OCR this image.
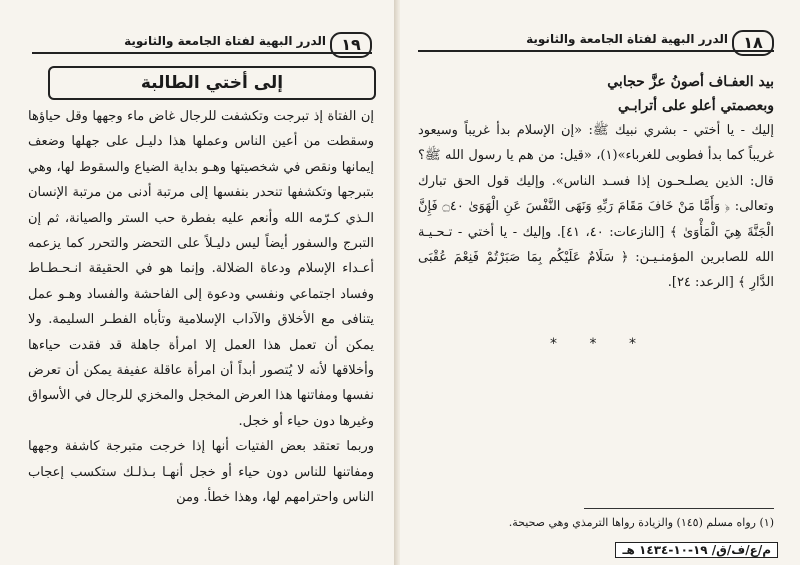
الدرر البهية لفتاة الجامعة والثانوية ١٩
إلى أختي الطالبة

إن الفتاة إذ تبرجت وتكشفت للرجال غاض ماء وجهها وقل حياؤها وسقطت من أعين الناس وعملها هذا دليـل على جهلها وضعف إيمانها ونقص في شخصيتها وهـو بداية الضياع والسقوط لها، وهي بتبرجها وتكشفها تنحدر بنفسها إلى مرتبة أدنى من مرتبة الإنسان الـذي كـرّمه الله وأنعم عليه بفطرة حب الستر والصيانة، ثم إن التبرج والسفور أيضاً ليس دليـلاً على التحضر والتحرر كما يزعمه أعـداء الإسلام ودعاة الضلالة. وإنما هو في الحقيقة انـحـطـاط وفساد اجتماعي ونفسي ودعوة إلى الفاحشة والفساد وهـو عمل يتنافى مع الأخلاق والآداب الإسلامية وتأباه الفطـر السليمة. ولا يمكن أن تعمل هذا العمل إلا امرأة جاهلة قد فقدت حياءها وأخلاقها لأنه لا يُتصور أبداً أن امرأة عاقلة عفيفة يمكن أن تعرض نفسها ومفاتنها هذا العرض المخجل والمخزي للرجال في الأسواق وغيرها دون حياء أو خجل.

وربما تعتقد بعض الفتيات أنها إذا خرجت متبرجة كاشفة وجهها ومفاتنها للناس دون حياء أو خجل أنهـا بـذلـك ستكسب إعجاب الناس واحترامهم لها، وهذا خطأ. ومن

الدرر البهية لفتاة الجامعة والثانوية ١٨
بيد العفـاف أصونُ عزَّ حجابي
وبعصمتي أعلو على أترابـي

إليك - يا أختي - بشري نبيك ﷺ: «إن الإسلام بدأ غريباً وسيعود غريباً كما بدأ فطوبى للغرباء»(١)، «قيل: من هم يا رسول الله ﷺ؟ قال: الذين يصلـحـون إذا فسـد الناس». وإليك قول الحق تبارك وتعالى: ﴿ وَأَمَّا مَنْ خَافَ مَقَامَ رَبِّهِ وَنَهَى النَّفْسَ عَنِ الْهَوَىٰ ۝٤٠ فَإِنَّ الْجَنَّةَ هِيَ الْمَأْوَىٰ ﴾ [النازعات: ٤٠، ٤١]. وإليك - يا أختي - تـحـيـة الله للصابرين المؤمنـيـن: ﴿ سَلَامٌ عَلَيْكُم بِمَا صَبَرْتُمْ فَنِعْمَ عُقْبَى الدَّارِ ﴾ [الرعد: ٢٤].

* * *
(١) رواه مسلم (١٤٥) والزيادة رواها الترمذي وهي صحيحة.
م/ع/ف/ق/ ١٩-١٠-١٤٣٤ هـ
